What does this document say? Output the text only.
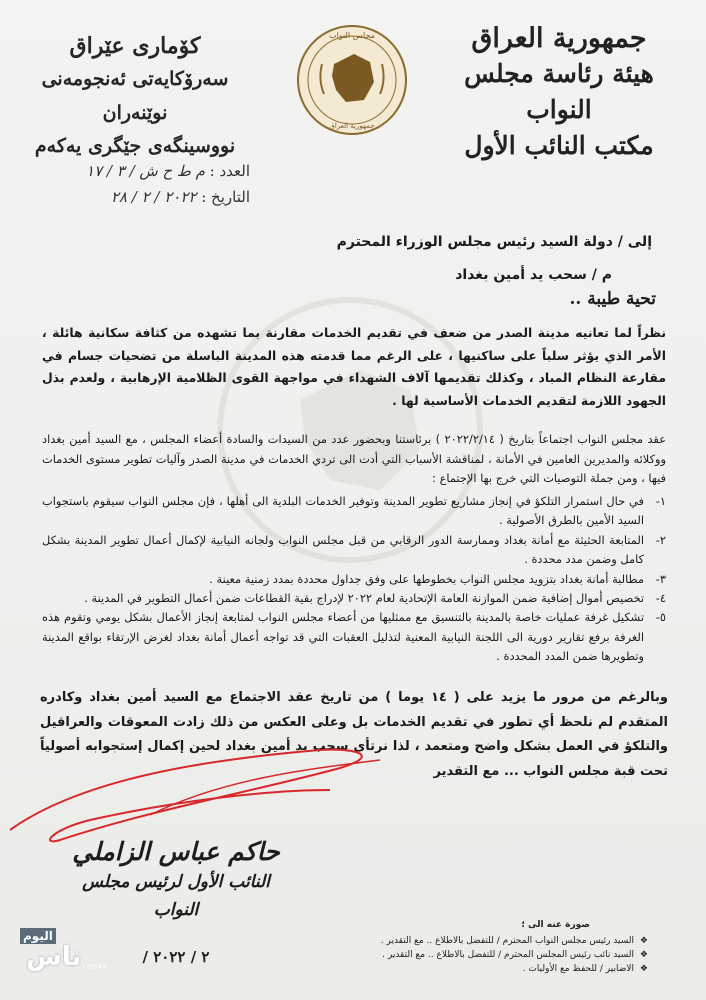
جمهورية العراق
هيئة رئاسة مجلس النواب
مكتب النائب الأول
مجلس النواب
جمهورية العراق
كۆماری عێراق
سەرۆکایەتی ئەنجومەنی نوێنەران
نووسینگەی جێگری یەکەم
العدد : م ط ح ش / ٣ / ١٧
التاريخ : ٢٠٢٢ / ٢ / ٢٨
إلى / دولة السيد رئيس مجلس الوزراء المحترم
م / سحب يد أمين بغداد
تحية طيبة ..
نظراً لما تعانيه مدينة الصدر من ضعف في تقديم الخدمات مقارنة بما تشهده من كثافة سكانية هائلة ، الأمر الذي يؤثر سلباً على ساكنيها ، على الرغم مما قدمته هذه المدينة الباسلة من تضحيات جسام في مقارعة النظام المباد ، وكذلك تقديمها آلاف الشهداء في مواجهة القوى الظلامية الإرهابية ، ولعدم بذل الجهود اللازمة لتقديم الخدمات الأساسية لها .
عقد مجلس النواب اجتماعاً بتاريخ ( ٢٠٢٢/٢/١٤ ) برئاستنا وبحضور عدد من السيدات والسادة أعضاء المجلس ، مع السيد أمين بغداد ووكلائه والمديرين العامين في الأمانة ، لمناقشة الأسباب التي أدت الى تردي الخدمات في مدينة الصدر وآليات تطوير مستوى الخدمات فيها ، ومن جملة التوصيات التي خرج بها الإجتماع :
١-
في حال استمرار التلكؤ في إنجاز مشاريع تطوير المدينة وتوفير الخدمات البلدية الى أهلها ، فإن مجلس النواب سيقوم باستجواب السيد الأمين بالطرق الأصولية .
٢-
المتابعة الحثيثة مع أمانة بغداد وممارسة الدور الرقابي من قبل مجلس النواب ولجانه النيابية لإكمال أعمال تطوير المدينة بشكل كامل وضمن مدد محددة .
٣-
مطالبة أمانة بغداد بتزويد مجلس النواب بخطوطها على وفق جداول محددة بمدد زمنية معينة .
٤-
تخصيص أموال إضافية ضمن الموازنة العامة الإتحادية لعام ٢٠٢٢ لإدراج بقية القطاعات ضمن أعمال التطوير في المدينة .
٥-
تشكيل غرفة عمليات خاصة بالمدينة بالتنسيق مع ممثليها من أعضاء مجلس النواب لمتابعة إنجاز الأعمال بشكل يومي وتقوم هذه الغرفة برفع تقارير دورية الى اللجنة النيابية المعنية لتذليل العقبات التي قد تواجه أعمال أمانة بغداد لغرض الإرتقاء بواقع المدينة وتطويرها ضمن المدد المحددة .
وبالرغم من مرور ما يزيد على ( ١٤ يوما ) من تاريخ عقد الاجتماع مع السيد أمين بغداد وكادره المتقدم لم نلحظ أي تطور في تقديم الخدمات بل وعلى العكس من ذلك زادت المعوقات والعراقيل والتلكؤ في العمل بشكل واضح ومتعمد ، لذا نرتأي سحب يد أمين بغداد لحين إكمال إستجوابه أصولياً تحت قبة مجلس النواب ... مع التقدير
حاكم عباس الزاملي
النائب الأول لرئيس مجلس النواب
/ ٢ / ٢٠٢٢
صورة عنه الى ؛
❖
السيد رئيس مجلس النواب المحترم / للتفضل بالاطلاع .. مع التقدير .
❖
السيد نائب رئيس المجلس المحترم / للتفضل بالاطلاع .. مع التقدير .
❖
الاضابير / للحفظ مع الأوليات .
اليوم
ناس TODAY
